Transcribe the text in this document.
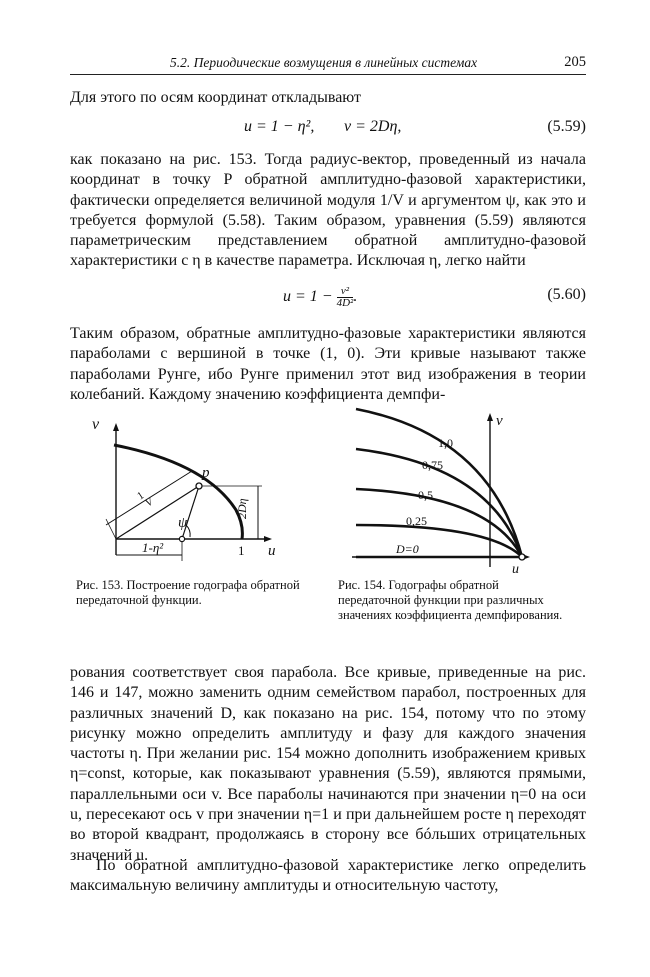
5.2. Периодические возмущения в линейных системах	205
Для этого по осям координат откладывают
u = 1 − η², v = 2Dη,	(5.59)
как показано на рис. 153. Тогда радиус-вектор, проведенный из начала координат в точку P обратной амплитудно-фазовой характеристики, фактически определяется величиной модуля 1/V и аргументом ψ, как это и требуется формулой (5.58). Таким образом, уравнения (5.59) являются параметрическим представлением обратной амплитудно-фазовой характеристики с η в качестве параметра. Исключая η, легко найти
$u = 1 - \frac{\text{v²}}{\text{4D²}}$ .	(5.60)
Таким образом, обратные амплитудно-фазовые характеристики являются параболами с вершиной в точке (1, 0). Эти кривые называют также параболами Рунге, ибо Рунге применил этот вид изображения в теории колебаний. Каждому значению коэффициента демпфи-
v
u
p
1
1-η²
2Dη
ψ
1
V
Рис. 153. Построение годографа обратной передаточной функции.
v
u
1,0
0,75
0,5
0,25
D=0
Рис. 154. Годографы обратной передаточной функции при различных значениях коэффициента демпфирования.
рования соответствует своя парабола. Все кривые, приведенные на рис. 146 и 147, можно заменить одним семейством парабол, построенных для различных значений D, как показано на рис. 154, потому что по этому рисунку можно определить амплитуду и фазу для каждого значения частоты η. При желании рис. 154 можно дополнить изображением кривых η=const, которые, как показывают уравнения (5.59), являются прямыми, параллельными оси v. Все параболы начинаются при значении η=0 на оси u, пересекают ось v при значении η=1 и при дальнейшем росте η переходят во второй квадрант, продолжаясь в сторону все бóльших отрицательных значений u.
По обратной амплитудно-фазовой характеристике легко определить максимальную величину амплитуды и относительную частоту,
